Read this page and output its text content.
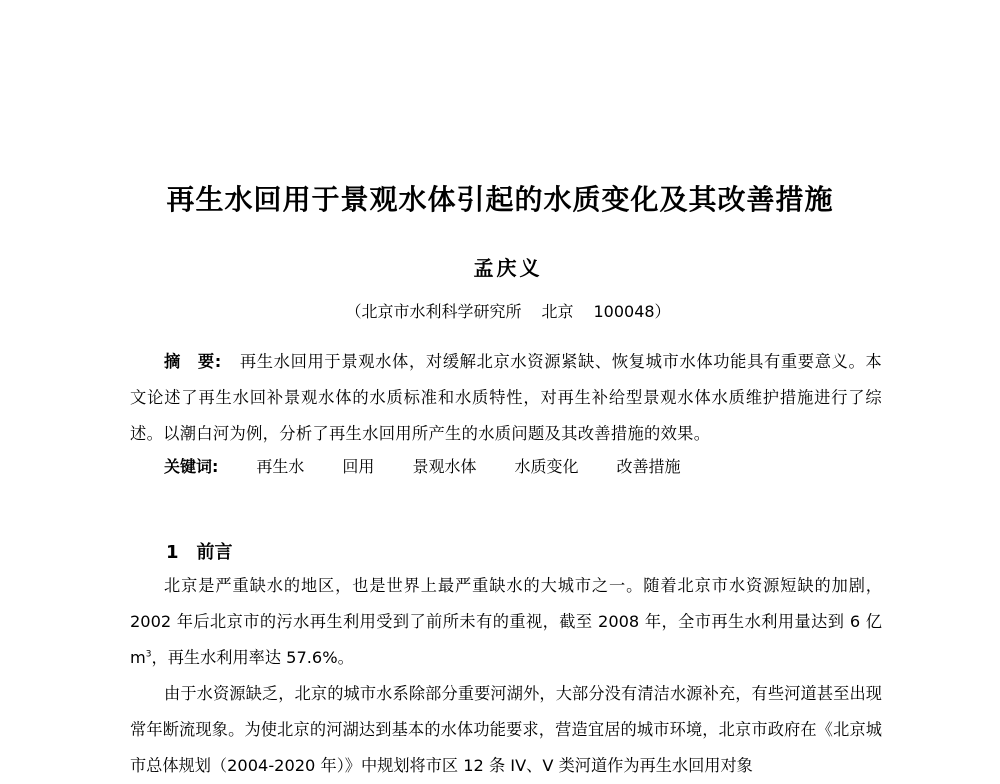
再生水回用于景观水体引起的水质变化及其改善措施
孟庆义
（北京市水利科学研究所 北京 100048）
摘　要: 再生水回用于景观水体，对缓解北京水资源紧缺、恢复城市水体功能具有重要意义。本文论述了再生水回补景观水体的水质标准和水质特性，对再生补给型景观水体水质维护措施进行了综述。以潮白河为例，分析了再生水回用所产生的水质问题及其改善措施的效果。
关键词: 再生水 回用 景观水体 水质变化 改善措施
1 前言

北京是严重缺水的地区，也是世界上最严重缺水的大城市之一。随着北京市水资源短缺的加剧，2002 年后北京市的污水再生利用受到了前所未有的重视，截至 2008 年，全市再生水利用量达到 6 亿 $m^3$，再生水利用率达 57.6%。

由于水资源缺乏，北京的城市水系除部分重要河湖外，大部分没有清洁水源补充，有些河道甚至出现常年断流现象。为使北京的河湖达到基本的水体功能要求，营造宜居的城市环境，北京市政府在《北京城市总体规划（2004-2020 年）》中规划将市区 12 条 IV、V 类河道作为再生水回用对象
